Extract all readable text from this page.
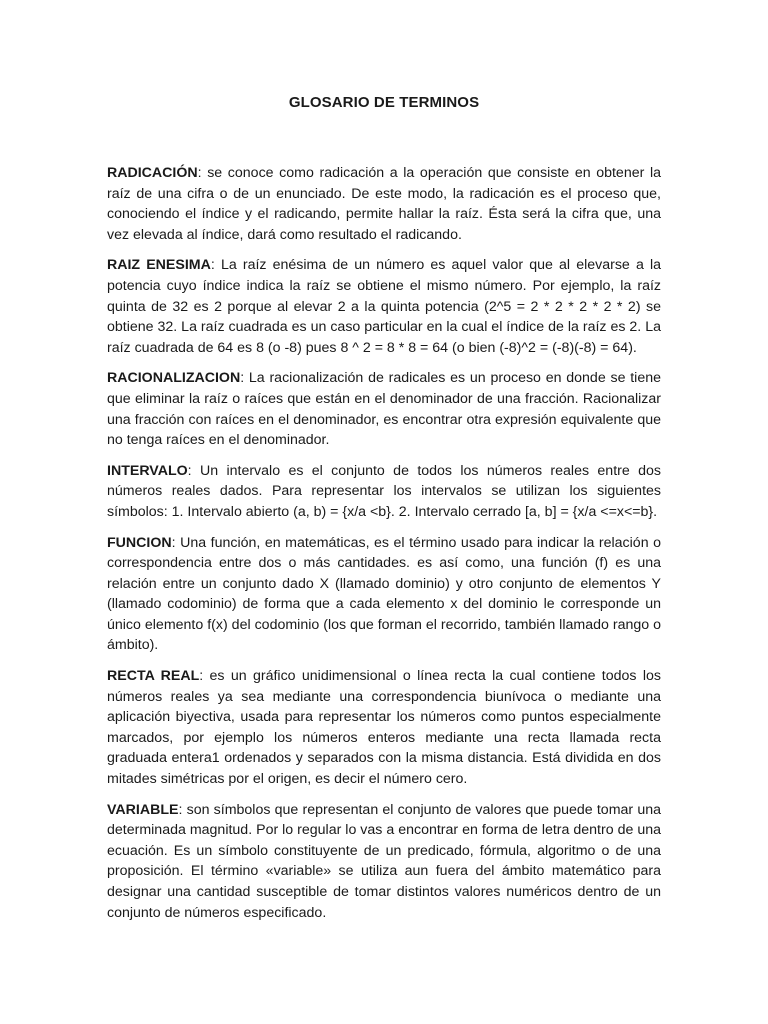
GLOSARIO DE TERMINOS

RADICACIÓN: se conoce como radicación a la operación que consiste en obtener la raíz de una cifra o de un enunciado. De este modo, la radicación es el proceso que, conociendo el índice y el radicando, permite hallar la raíz. Ésta será la cifra que, una vez elevada al índice, dará como resultado el radicando.

RAIZ ENESIMA: La raíz enésima de un número es aquel valor que al elevarse a la potencia cuyo índice indica la raíz se obtiene el mismo número. Por ejemplo, la raíz quinta de 32 es 2 porque al elevar 2 a la quinta potencia (2^5 = 2 * 2 * 2 * 2 * 2) se obtiene 32. La raíz cuadrada es un caso particular en la cual el índice de la raíz es 2. La raíz cuadrada de 64 es 8 (o -8) pues 8 ^ 2 = 8 * 8 = 64 (o bien (-8)^2 = (-8)(-8) = 64).

RACIONALIZACION: La racionalización de radicales es un proceso en donde se tiene que eliminar la raíz o raíces que están en el denominador de una fracción. Racionalizar una fracción con raíces en el denominador, es encontrar otra expresión equivalente que no tenga raíces en el denominador.

INTERVALO: Un intervalo es el conjunto de todos los números reales entre dos números reales dados. Para representar los intervalos se utilizan los siguientes símbolos: 1. Intervalo abierto (a, b) = {x/a <b}. 2. Intervalo cerrado [a, b] = {x/a <=x<=b}.

FUNCION: Una función, en matemáticas, es el término usado para indicar la relación o correspondencia entre dos o más cantidades. es así como, una función (f) es una relación entre un conjunto dado X (llamado dominio) y otro conjunto de elementos Y (llamado codominio) de forma que a cada elemento x del dominio le corresponde un único elemento f(x) del codominio (los que forman el recorrido, también llamado rango o ámbito).

RECTA REAL: es un gráfico unidimensional o línea recta la cual contiene todos los números reales ya sea mediante una correspondencia biunívoca o mediante una aplicación biyectiva, usada para representar los números como puntos especialmente marcados, por ejemplo los números enteros mediante una recta llamada recta graduada entera1 ordenados y separados con la misma distancia. Está dividida en dos mitades simétricas por el origen, es decir el número cero.

VARIABLE: son símbolos que representan el conjunto de valores que puede tomar una determinada magnitud. Por lo regular lo vas a encontrar en forma de letra dentro de una ecuación. Es un símbolo constituyente de un predicado, fórmula, algoritmo o de una proposición. El término «variable» se utiliza aun fuera del ámbito matemático para designar una cantidad susceptible de tomar distintos valores numéricos dentro de un conjunto de números especificado.
